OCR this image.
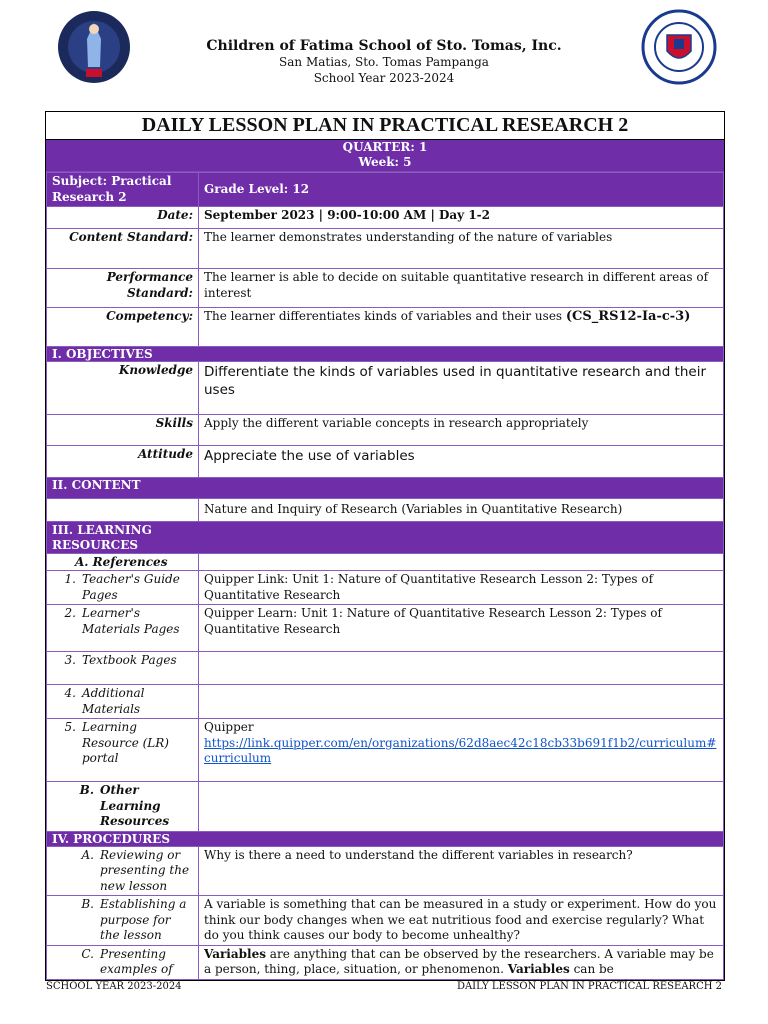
Children of Fatima School of Sto. Tomas, Inc.
San Matias, Sto. Tomas Pampanga
School Year 2023-2024
DAILY LESSON PLAN IN PRACTICAL RESEARCH 2
QUARTER: 1
Week: 5
Subject: Practical Research 2	Grade Level: 12
Date:	September 2023 | 9:00-10:00 AM | Day 1-2
Content Standard:	The learner demonstrates understanding of the nature of variables
Performance Standard:	The learner is able to decide on suitable quantitative research in different areas of interest
Competency:	The learner differentiates kinds of variables and their uses (CS_RS12-Ia-c-3)
I. OBJECTIVES	
Knowledge	Differentiate the kinds of variables used in quantitative research and their uses
Skills	Apply the different variable concepts in research appropriately
Attitude	Appreciate the use of variables
II. CONTENT	
	Nature and Inquiry of Research (Variables in Quantitative Research)
III. LEARNING RESOURCES	
A. References	

1. Teacher's Guide Pages	Quipper Link: Unit 1: Nature of Quantitative Research Lesson 2: Types of Quantitative Research

2. Learner's Materials Pages	Quipper Learn: Unit 1: Nature of Quantitative Research Lesson 2: Types of Quantitative Research

3. Textbook Pages	

4. Additional Materials	

5. Learning Resource (LR) portal	Quipper
https://link.quipper.com/en/organizations/62d8aec42c18cb33b691f1b2/curriculum#curriculum

B. Other Learning Resources	

IV. PROCEDURES	

A. Reviewing or presenting the new lesson	Why is there a need to understand the different variables in research?

B. Establishing a purpose for the lesson	A variable is something that can be measured in a study or experiment. How do you think our body changes when we eat nutritious food and exercise regularly? What do you think causes our body to become unhealthy?

C. Presenting examples of	Variables are anything that can be observed by the researchers. A variable may be a person, thing, place, situation, or phenomenon. Variables can be
SCHOOL YEAR 2023-2024	DAILY LESSON PLAN IN PRACTICAL RESEARCH 2
